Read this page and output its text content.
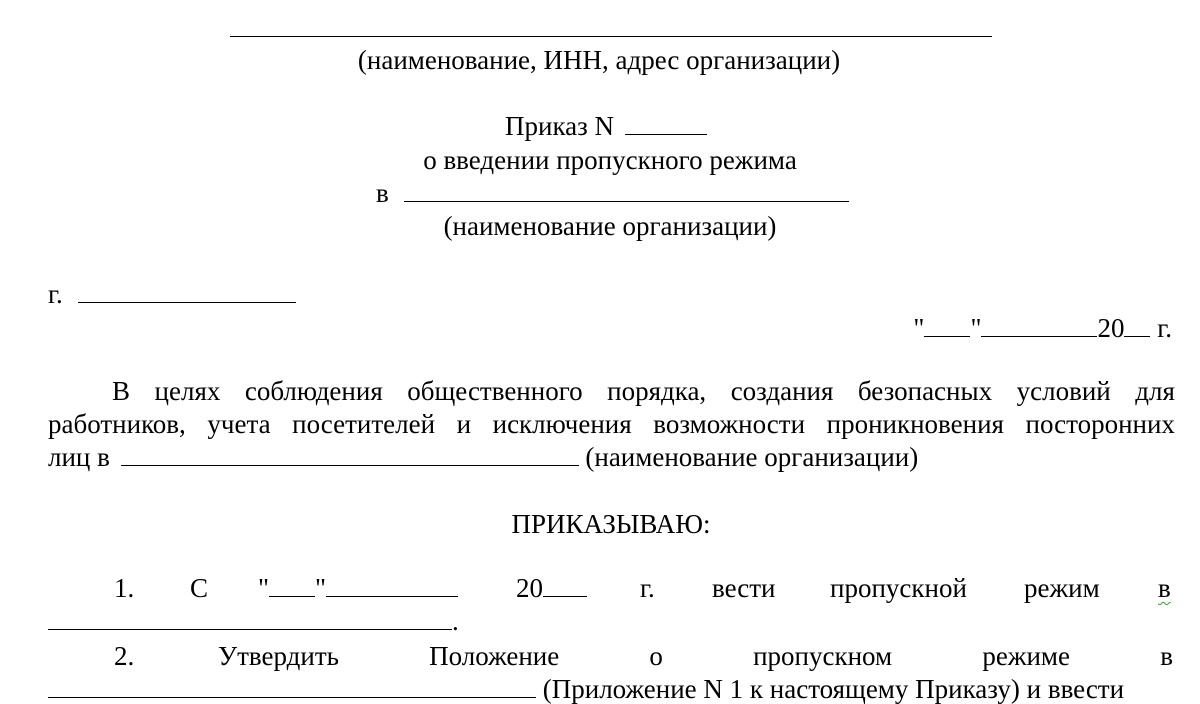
(наименование, ИНН, адрес организации)
Приказ N
о введении пропускного режима
в
(наименование организации)
г.
" "	20 г.
В целях соблюдения общественного порядка, создания безопасных условий для
работников, учета посетителей и исключения возможности проникновения посторонних
лиц в	(наименование организации)
ПРИКАЗЫВАЮ:
1. С " "	20	г. вести пропускной режим в
.
2.	Утвердить	Положение	о	пропускном	режиме	в
(Приложение N 1 к настоящему Приказу) и ввести
